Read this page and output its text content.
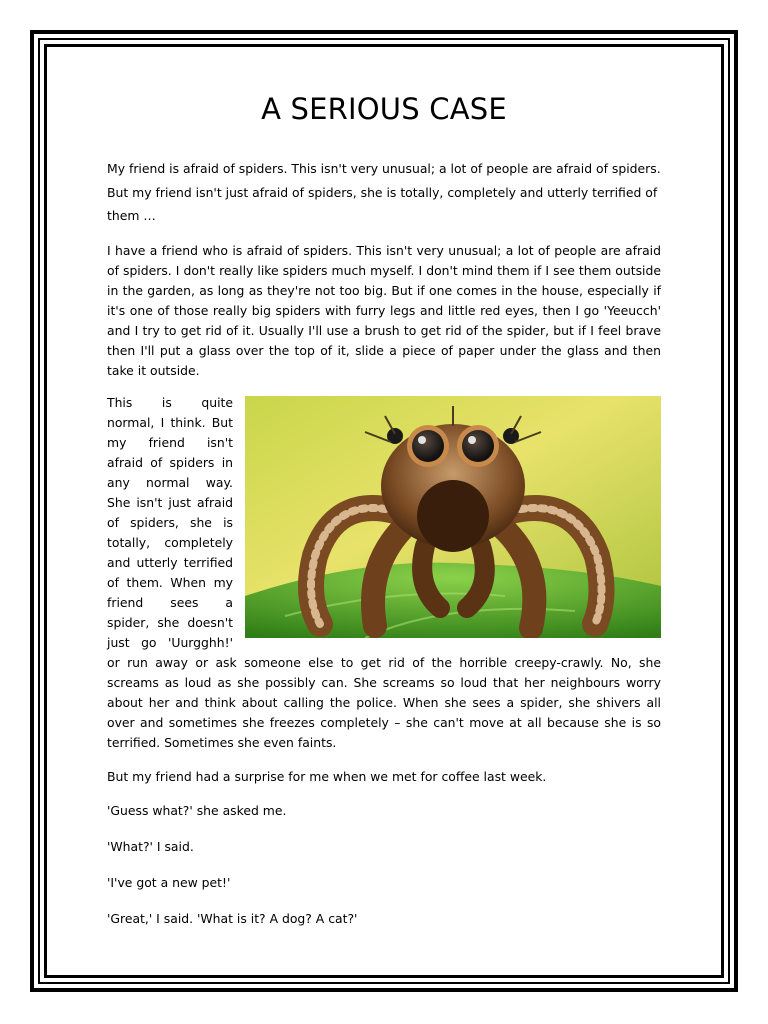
A SERIOUS CASE

My friend is afraid of spiders. This isn't very unusual; a lot of people are afraid of spiders. But my friend isn't just afraid of spiders, she is totally, completely and utterly terrified of them …

I have a friend who is afraid of spiders. This isn't very unusual; a lot of people are afraid of spiders. I don't really like spiders much myself. I don't mind them if I see them outside in the garden, as long as they're not too big. But if one comes in the house, especially if it's one of those really big spiders with furry legs and little red eyes, then I go 'Yeeucch' and I try to get rid of it. Usually I'll use a brush to get rid of the spider, but if I feel brave then I'll put a glass over the top of it, slide a piece of paper under the glass and then take it outside.

This is quite normal, I think. But my friend isn't afraid of spiders in any normal way. She isn't just afraid of spiders, she is totally, completely and utterly terrified of them. When my friend sees a spider, she doesn't just go 'Uurgghh!' or run away or ask someone else to get rid of the horrible creepy-crawly. No, she screams as loud as she possibly can. She screams so loud that her neighbours worry about her and think about calling the police. When she sees a spider, she shivers all over and sometimes she freezes completely – she can't move at all because she is so terrified. Sometimes she even faints.

But my friend had a surprise for me when we met for coffee last week.

'Guess what?' she asked me.

'What?' I said.

'I've got a new pet!'

'Great,' I said. 'What is it? A dog? A cat?'
